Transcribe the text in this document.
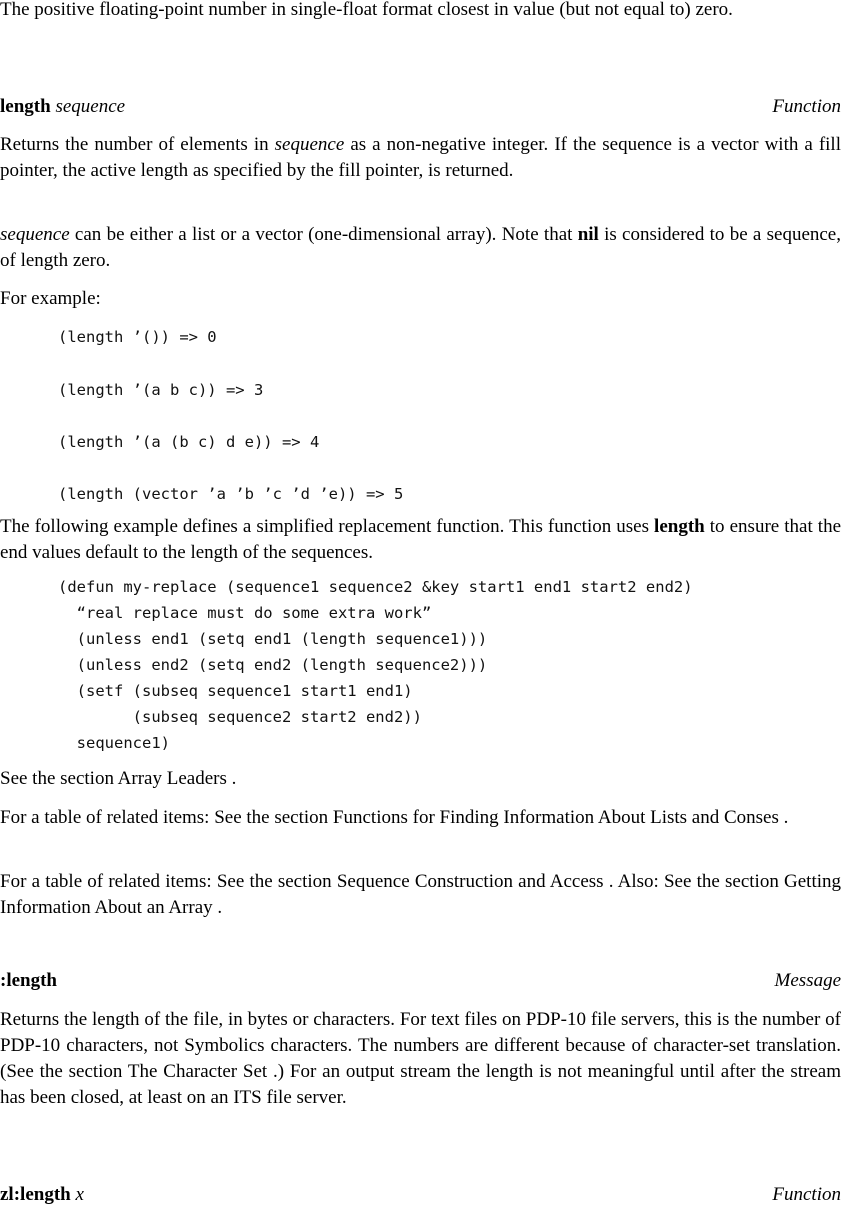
The positive floating-point number in single-float format closest in value (but not equal to) zero.

length sequence	Function

Returns the number of elements in sequence as a non-negative integer. If the sequence is a vector with a fill pointer, the active length as specified by the fill pointer, is returned.

sequence can be either a list or a vector (one-dimensional array). Note that nil is considered to be a sequence, of length zero.

For example:

(length ’()) => 0
(length ’(a b c)) => 3
(length ’(a (b c) d e)) => 4
(length (vector ’a ’b ’c ’d ’e)) => 5

The following example defines a simplified replacement function. This function uses length to ensure that the end values default to the length of the sequences.

(defun my-replace (sequence1 sequence2 &key start1 end1 start2 end2)
“real replace must do some extra work”
(unless end1 (setq end1 (length sequence1)))
(unless end2 (setq end2 (length sequence2)))
(setf (subseq sequence1 start1 end1)
(subseq sequence2 start2 end2))
sequence1)

See the section Array Leaders .

For a table of related items: See the section Functions for Finding Information About Lists and Conses .

For a table of related items: See the section Sequence Construction and Access . Also: See the section Getting Information About an Array .

:length	Message

Returns the length of the file, in bytes or characters. For text files on PDP-10 file servers, this is the number of PDP-10 characters, not Symbolics characters. The numbers are different because of character-set translation. (See the section The Character Set .) For an output stream the length is not meaningful until after the stream has been closed, at least on an ITS file server.

zl:length x	Function
